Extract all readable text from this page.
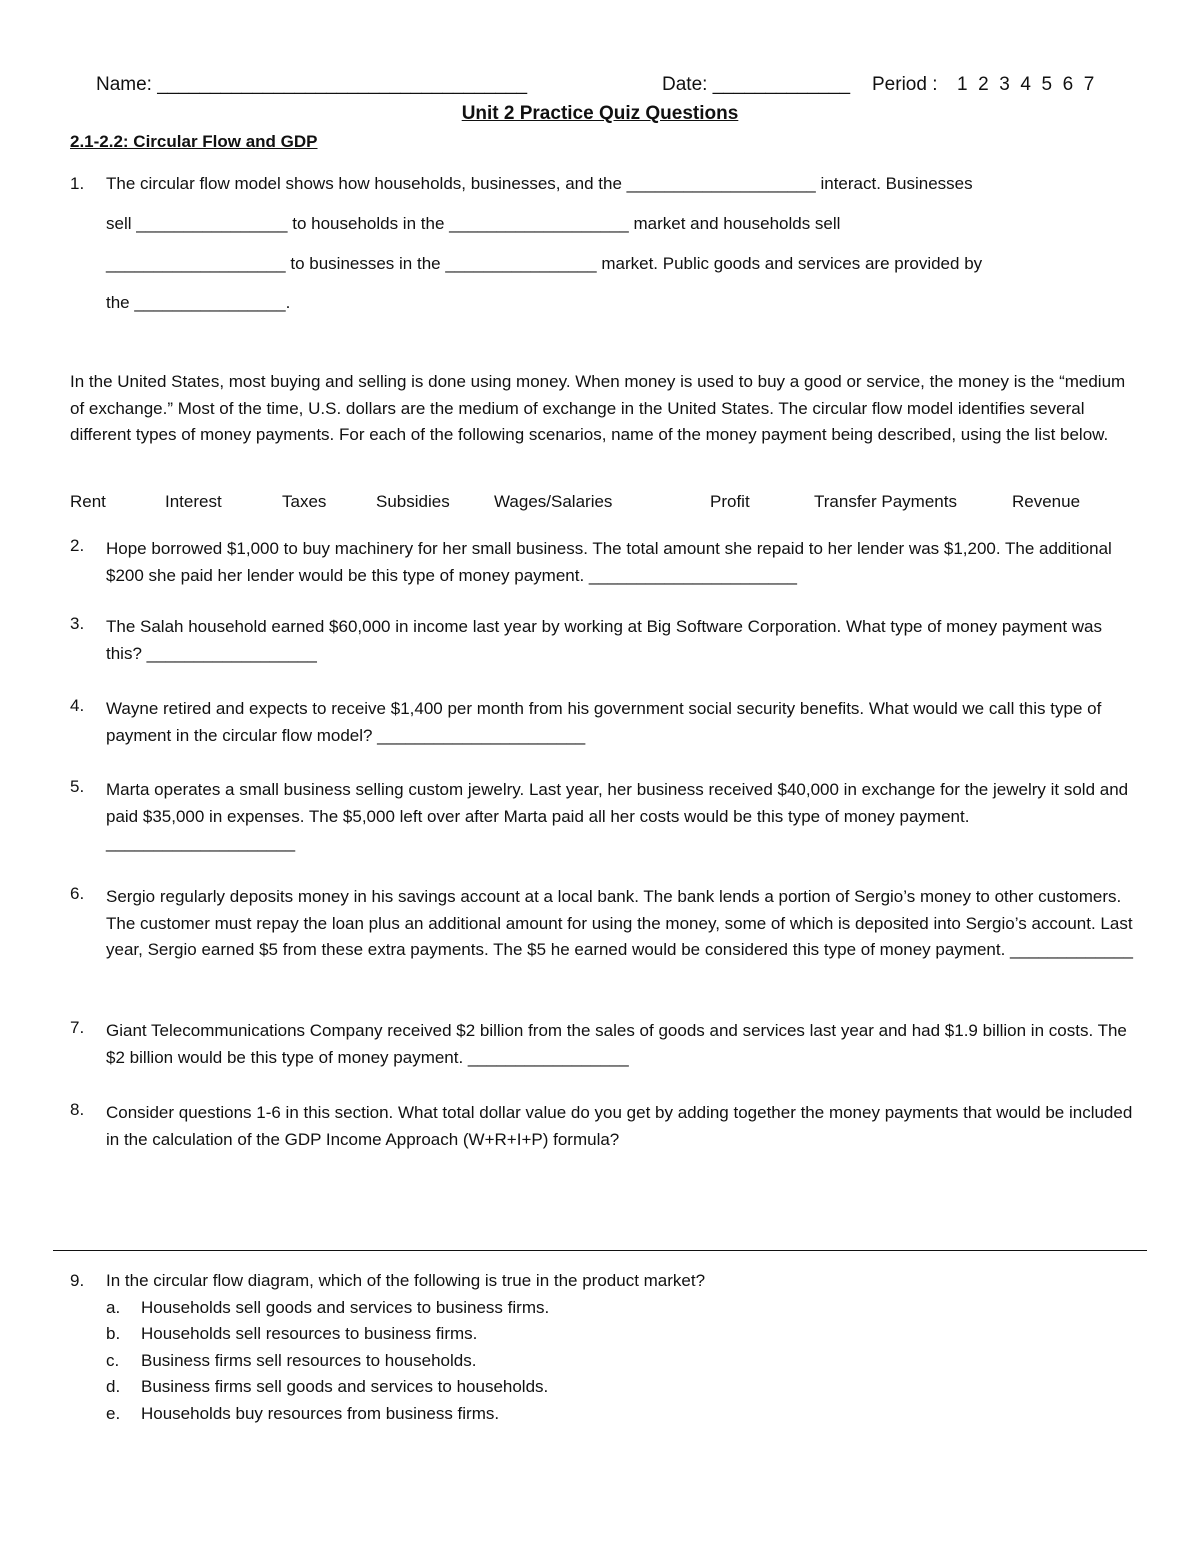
Name: ___________________________________	Date: _____________ Period : 1  2  3  4  5  6  7
Unit 2 Practice Quiz Questions
2.1-2.2: Circular Flow and GDP
1. The circular flow model shows how households, businesses, and the ____________________ interact. Businesses
sell ________________ to households in the ___________________ market and households sell
___________________ to businesses in the ________________ market. Public goods and services are provided by
the ________________.
In the United States, most buying and selling is done using money. When money is used to buy a good or service, the money is the “medium of exchange.” Most of the time, U.S. dollars are the medium of exchange in the United States. The circular flow model identifies several different types of money payments. For each of the following scenarios, name of the money payment being described, using the list below.
Rent	Interest	Taxes	Subsidies	Wages/Salaries	Profit	Transfer Payments	Revenue
2. Hope borrowed $1,000 to buy machinery for her small business. The total amount she repaid to her lender was $1,200. The additional $200 she paid her lender would be this type of money payment. ______________________
3. The Salah household earned $60,000 in income last year by working at Big Software Corporation. What type of money payment was this? __________________
4. Wayne retired and expects to receive $1,400 per month from his government social security benefits. What would we call this type of payment in the circular flow model? ______________________
5. Marta operates a small business selling custom jewelry. Last year, her business received $40,000 in exchange for the jewelry it sold and paid $35,000 in expenses. The $5,000 left over after Marta paid all her costs would be this type of money payment. ____________________
6. Sergio regularly deposits money in his savings account at a local bank. The bank lends a portion of Sergio’s money to other customers. The customer must repay the loan plus an additional amount for using the money, some of which is deposited into Sergio’s account. Last year, Sergio earned $5 from these extra payments. The $5 he earned would be considered this type of money payment. _____________
7. Giant Telecommunications Company received $2 billion from the sales of goods and services last year and had $1.9 billion in costs. The $2 billion would be this type of money payment. _________________
8. Consider questions 1-6 in this section. What total dollar value do you get by adding together the money payments that would be included in the calculation of the GDP Income Approach (W+R+I+P) formula?
9. In the circular flow diagram, which of the following is true in the product market?
a. Households sell goods and services to business firms.
b. Households sell resources to business firms.
c. Business firms sell resources to households.
d. Business firms sell goods and services to households.
e. Households buy resources from business firms.
